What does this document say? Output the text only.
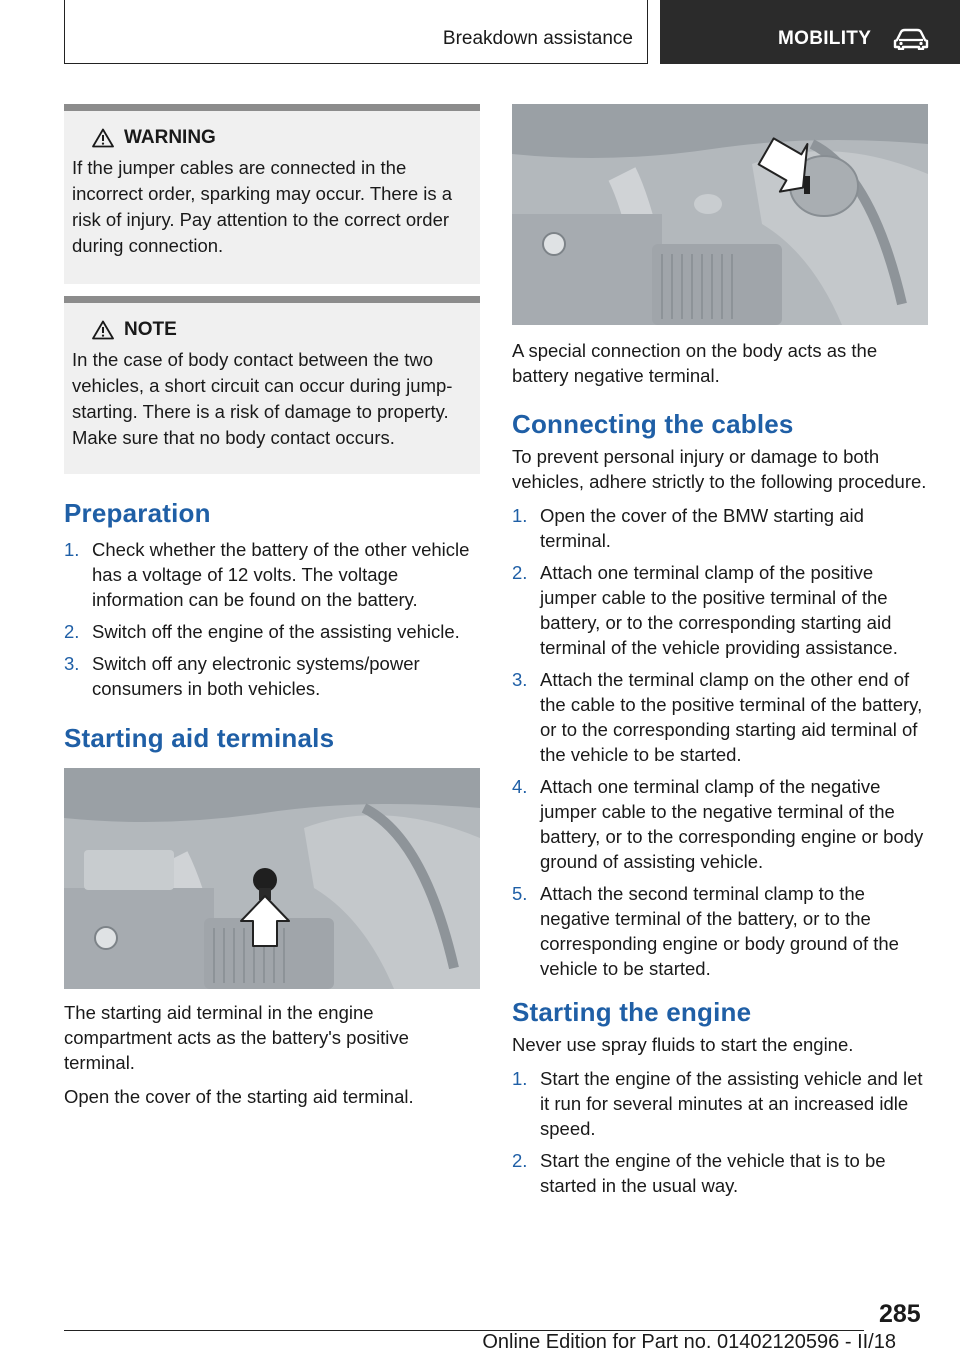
Breakdown assistance	MOBILITY
WARNING
If the jumper cables are connected in the incorrect order, sparking may occur. There is a risk of injury. Pay attention to the correct order during connection.
NOTE
In the case of body contact between the two vehicles, a short circuit can occur during jump-starting. There is a risk of damage to property. Make sure that no body contact occurs.
Preparation
1. Check whether the battery of the other vehicle has a voltage of 12 volts. The voltage information can be found on the battery.
2. Switch off the engine of the assisting vehicle.
3. Switch off any electronic systems/power consumers in both vehicles.
Starting aid terminals

The starting aid terminal in the engine compartment acts as the battery's positive terminal.

Open the cover of the starting aid terminal.

A special connection on the body acts as the battery negative terminal.

Connecting the cables

To prevent personal injury or damage to both vehicles, adhere strictly to the following procedure.

1. Open the cover of the BMW starting aid terminal.
2. Attach one terminal clamp of the positive jumper cable to the positive terminal of the battery, or to the corresponding starting aid terminal of the vehicle providing assistance.
3. Attach the terminal clamp on the other end of the cable to the positive terminal of the battery, or to the corresponding starting aid terminal of the vehicle to be started.
4. Attach one terminal clamp of the negative jumper cable to the negative terminal of the battery, or to the corresponding engine or body ground of assisting vehicle.
5. Attach the second terminal clamp to the negative terminal of the battery, or to the corresponding engine or body ground of the vehicle to be started.
Starting the engine

Never use spray fluids to start the engine.

1. Start the engine of the assisting vehicle and let it run for several minutes at an increased idle speed.
2. Start the engine of the vehicle that is to be started in the usual way.
285
Online Edition for Part no. 01402120596 - II/18
